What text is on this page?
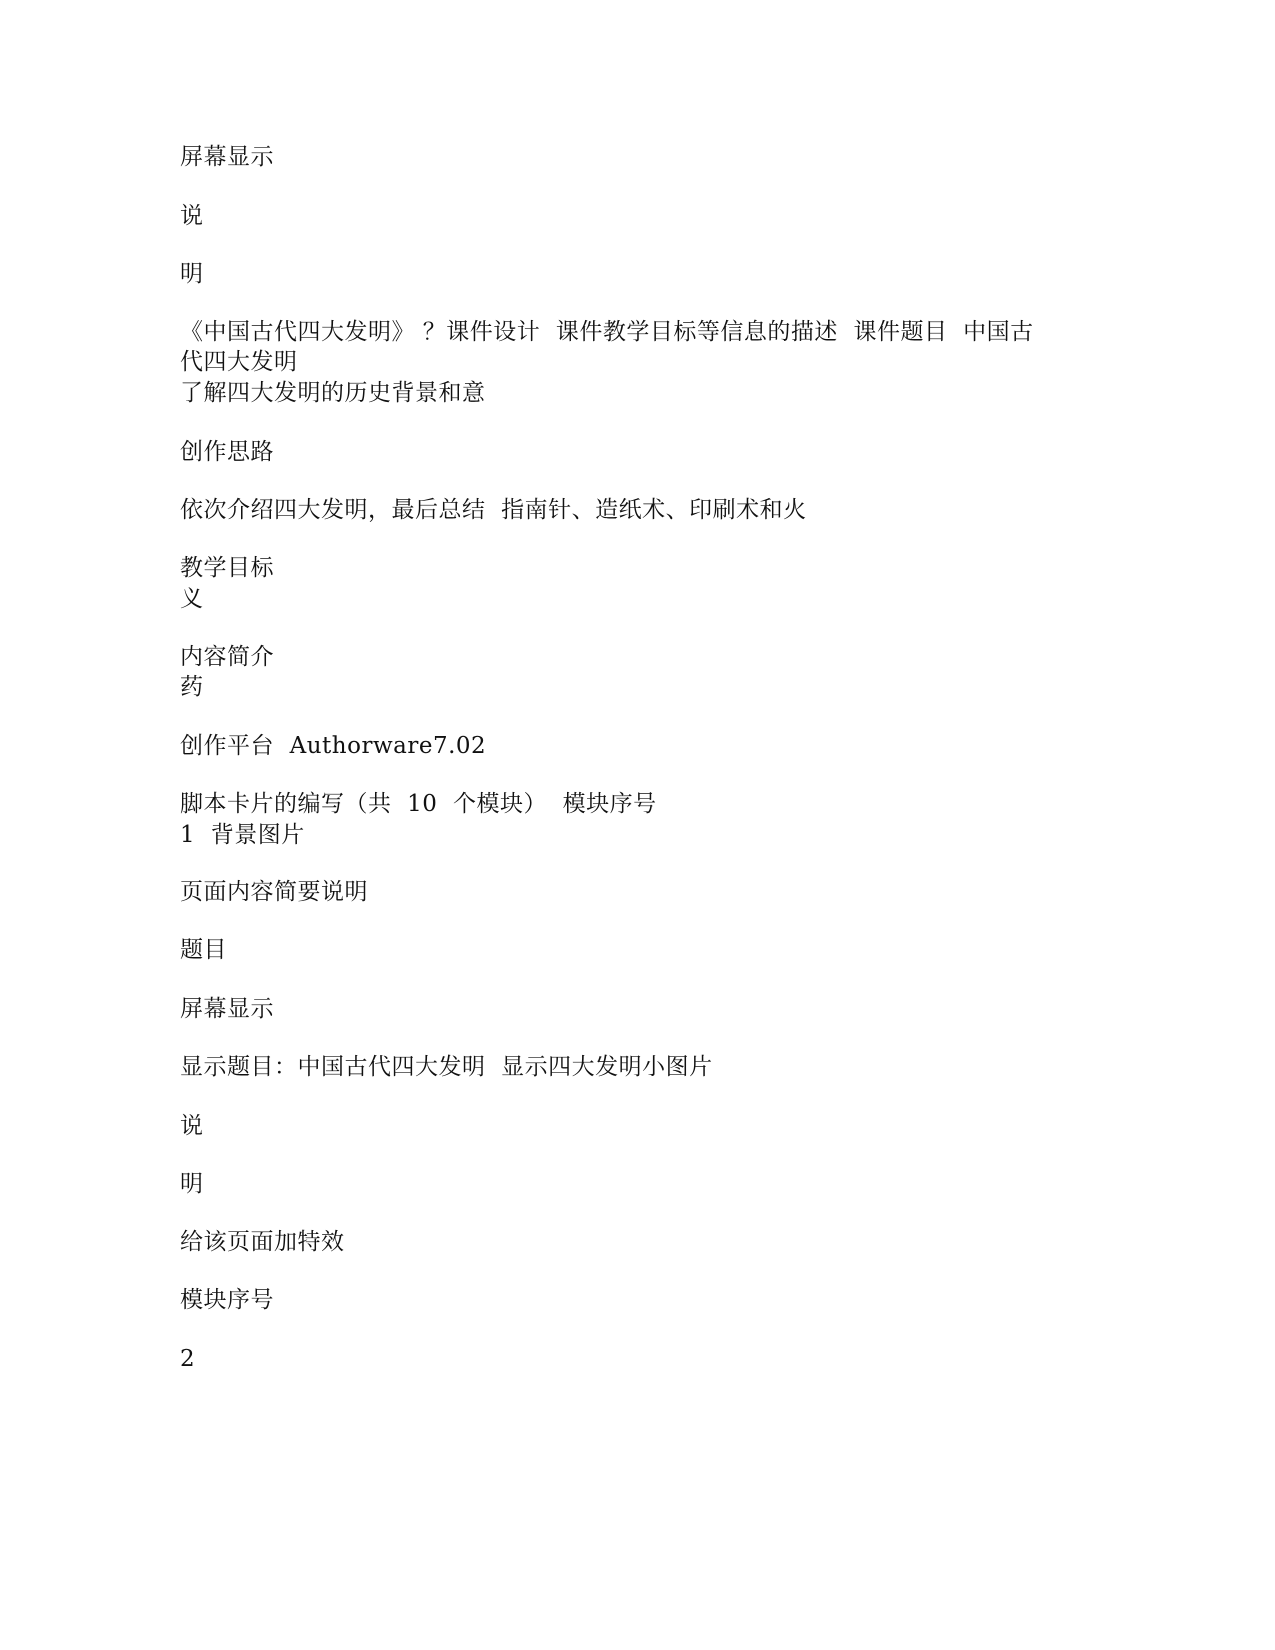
屏幕显示
说
明
《中国古代四大发明》 ？课件设计  课件教学目标等信息的描述  课件题目  中国古
代四大发明
了解四大发明的历史背景和意
创作思路
依次介绍四大发明，最后总结  指南针、造纸术、印刷术和火
教学目标
义
内容简介
药
创作平台  Authorware7.02
脚本卡片的编写（共  10  个模块）  模块序号
1  背景图片
页面内容简要说明
题目
屏幕显示
显示题目：中国古代四大发明  显示四大发明小图片
说
明
给该页面加特效
模块序号
2
